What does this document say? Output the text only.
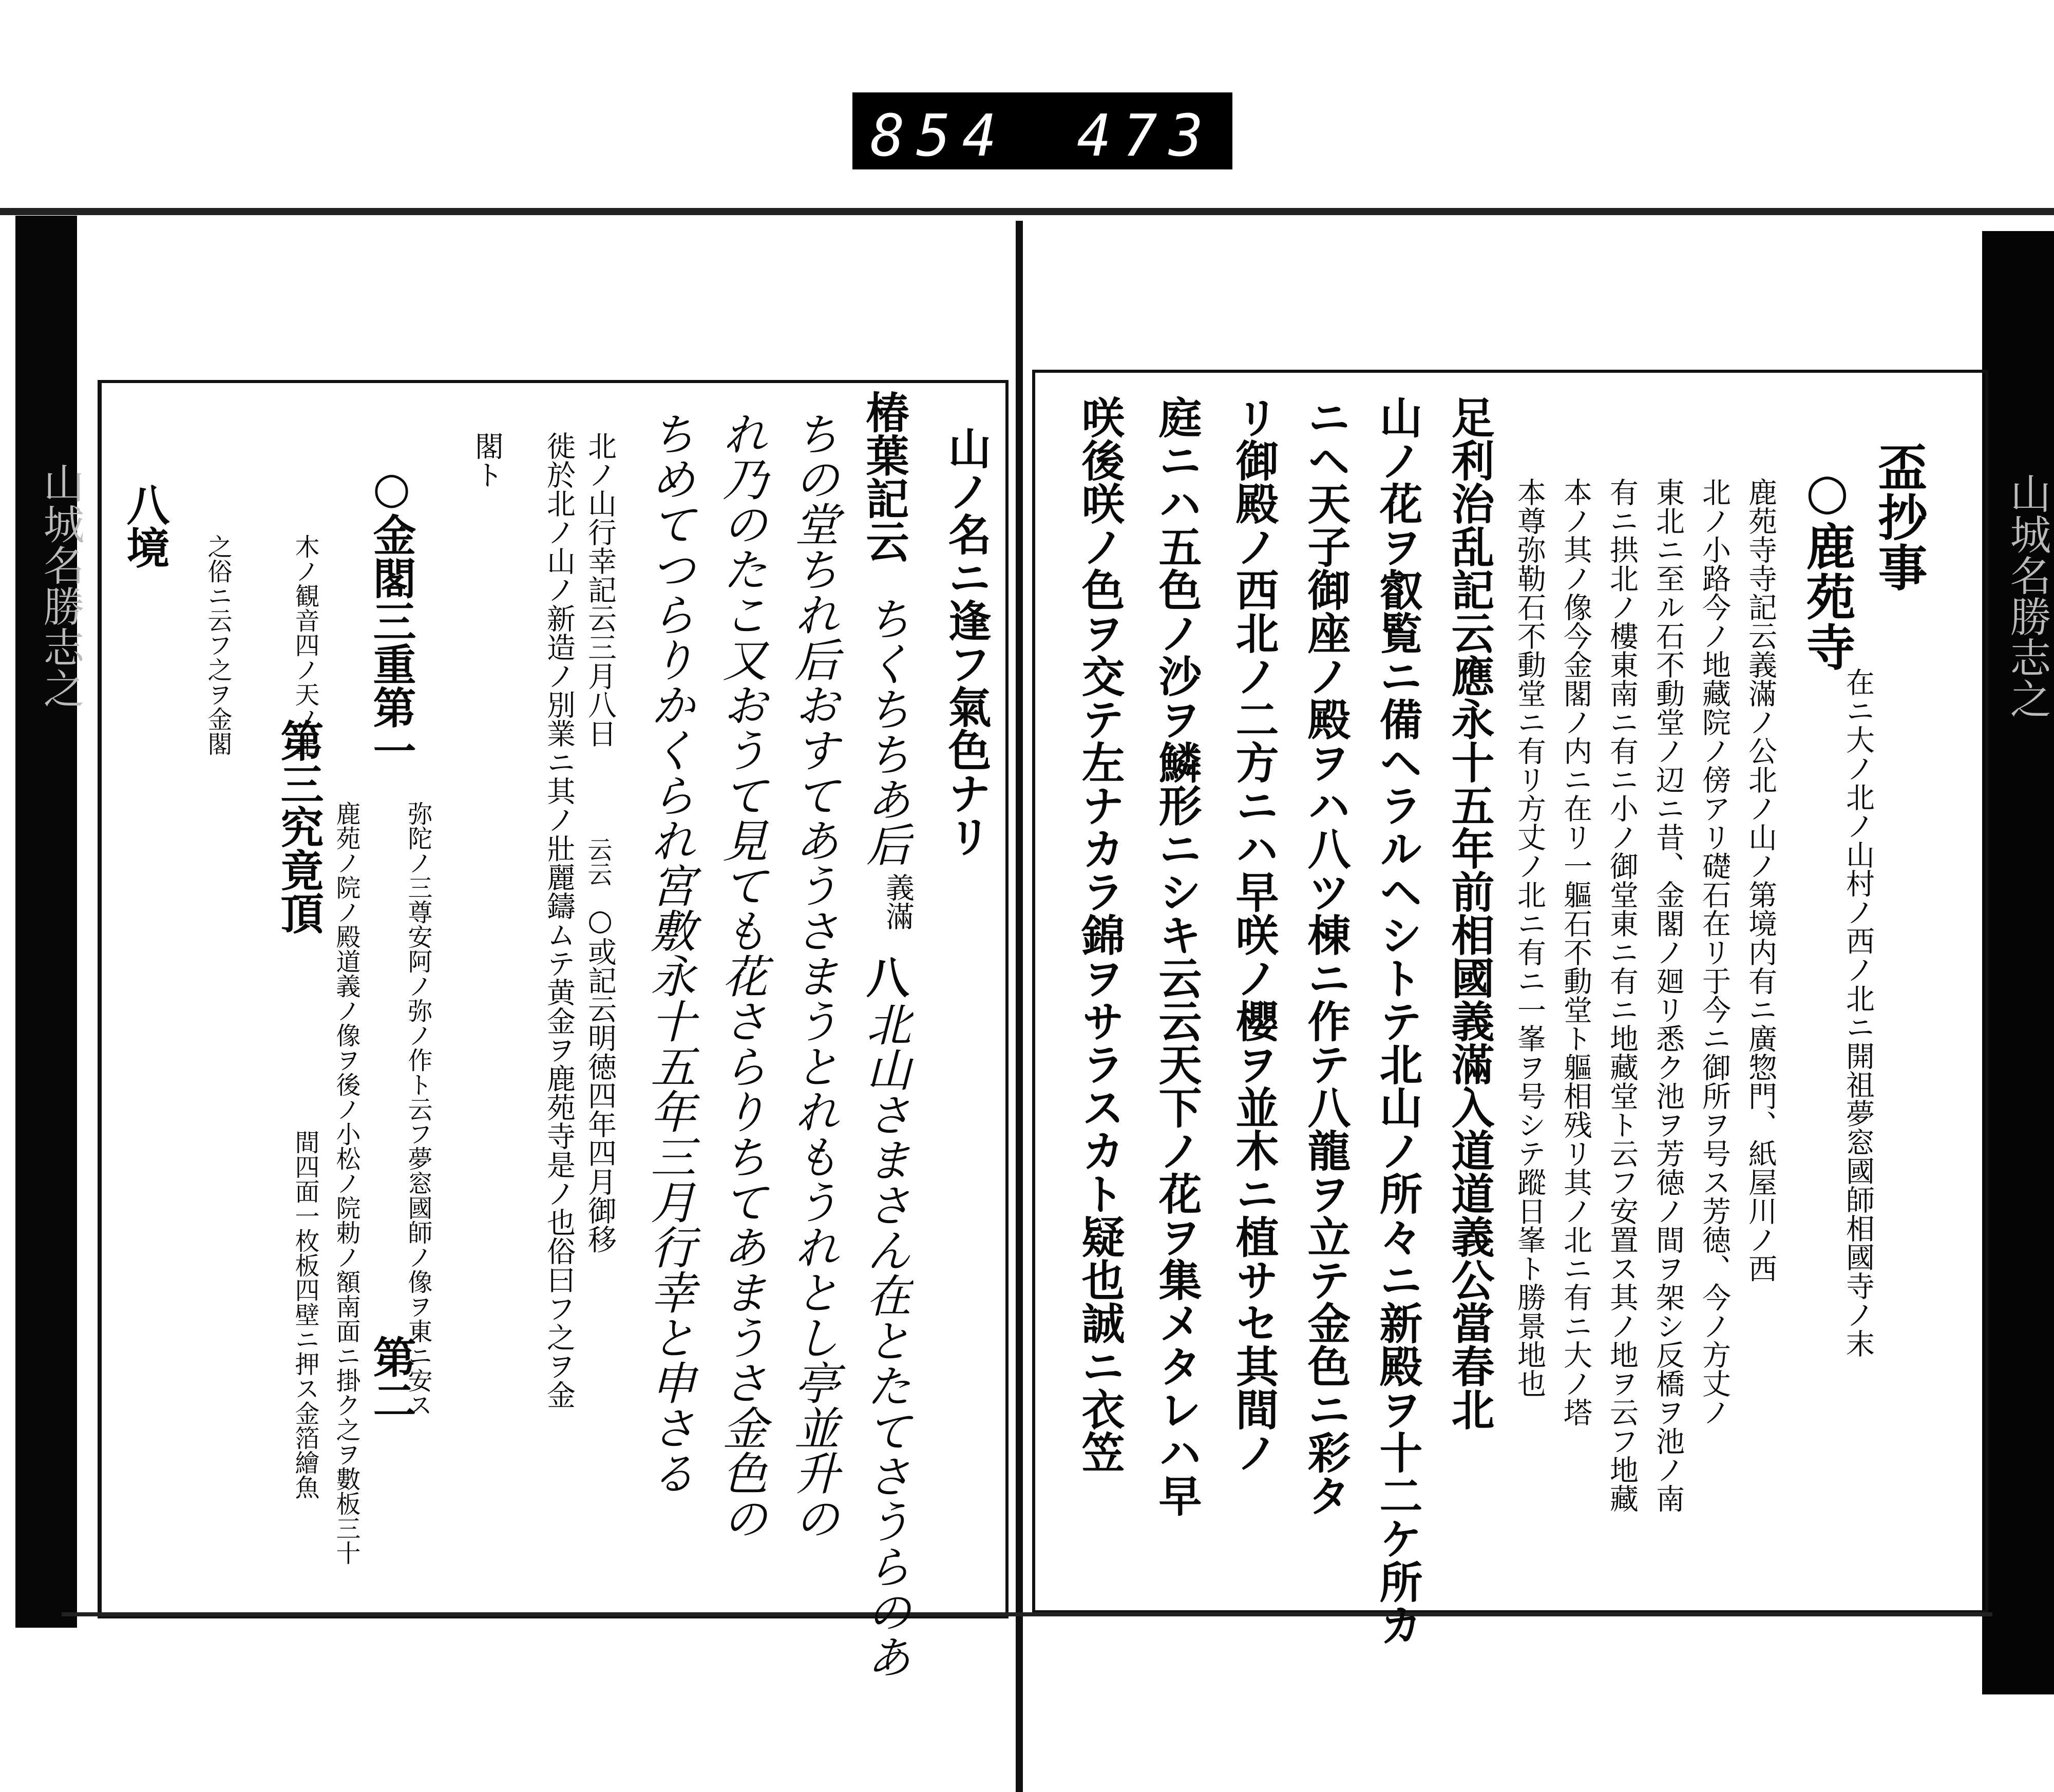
山城名勝志之	山城名勝志之
854　473
盃抄事
○鹿苑寺
在ニ大ノ北ノ山村ノ西ノ北ニ開祖夢窓國師相國寺ノ末
鹿苑寺寺記云義滿ノ公北ノ山ノ第境内有ニ廣惣門、紙屋川ノ西
北ノ小路今ノ地藏院ノ傍アリ礎石在リ于今ニ御所ヲ号ス芳徳、今ノ方丈ノ
東北ニ至ル石不動堂ノ辺ニ昔、金閣ノ廻リ悉ク池ヲ芳徳ノ間ヲ架シ反橋ヲ池ノ南
有ニ拱北ノ樓東南ニ有ニ小ノ御堂東ニ有ニ地藏堂ト云フ安置ス其ノ地ヲ云フ地藏
本ノ其ノ像今金閣ノ内ニ在リ一軀石不動堂ト軀相残リ其ノ北ニ有ニ大ノ塔
本尊弥勒石不動堂ニ有リ方丈ノ北ニ有ニ一峯ヲ号シテ蹤日峯ト勝景地也
足利治乱記云應永十五年前相國義滿入道道義公當春北
山ノ花ヲ叡覧ニ備ヘラルヘシトテ北山ノ所々ニ新殿ヲ十二ケ所カ
ニヘ天子御座ノ殿ヲハ八ツ棟ニ作テ八龍ヲ立テ金色ニ彩タ
リ御殿ノ西北ノ二方ニハ早咲ノ櫻ヲ並木ニ植サセ其間ノ
庭ニハ五色ノ沙ヲ鱗形ニシキ云云天下ノ花ヲ集メタレハ早
咲後咲ノ色ヲ交テ左ナカラ錦ヲサラスカト疑也誠ニ衣笠
山ノ名ニ逢フ氣色ナリ
椿葉記云
ちくちちあ后
義滿
八
北山さまさん在とたてさうらのあ
ちの堂ちれ后おすてあうさまうとれもうれとし亭並升の
れ乃のたこ又おうて見ても花さらりちてあまうさ金色の
ちめてつらりかくられ宮敷永十五年三月行幸と申さる
北ノ山行幸記云三月八日
云云
○或記云明徳四年四月御移
徙於北ノ山ノ新造ノ別業ニ其ノ壯麗鑄ムテ黄金ヲ鹿苑寺是ノ也俗曰フ之ヲ金
閣ト
○金閣三重第一
弥陀ノ三尊安阿ノ弥ノ作ト云フ夢窓國師ノ像ヲ東ニ安ス
第二
鹿苑ノ院ノ殿道義ノ像ヲ後ノ小松ノ院勅ノ額南面ニ掛ク之ヲ數板三十
木ノ観音四ノ天ノ王
第三究竟頂
間四面一枚板四壁ニ押ス金箔繪魚
之俗ニ云フ之ヲ金閣
八境
